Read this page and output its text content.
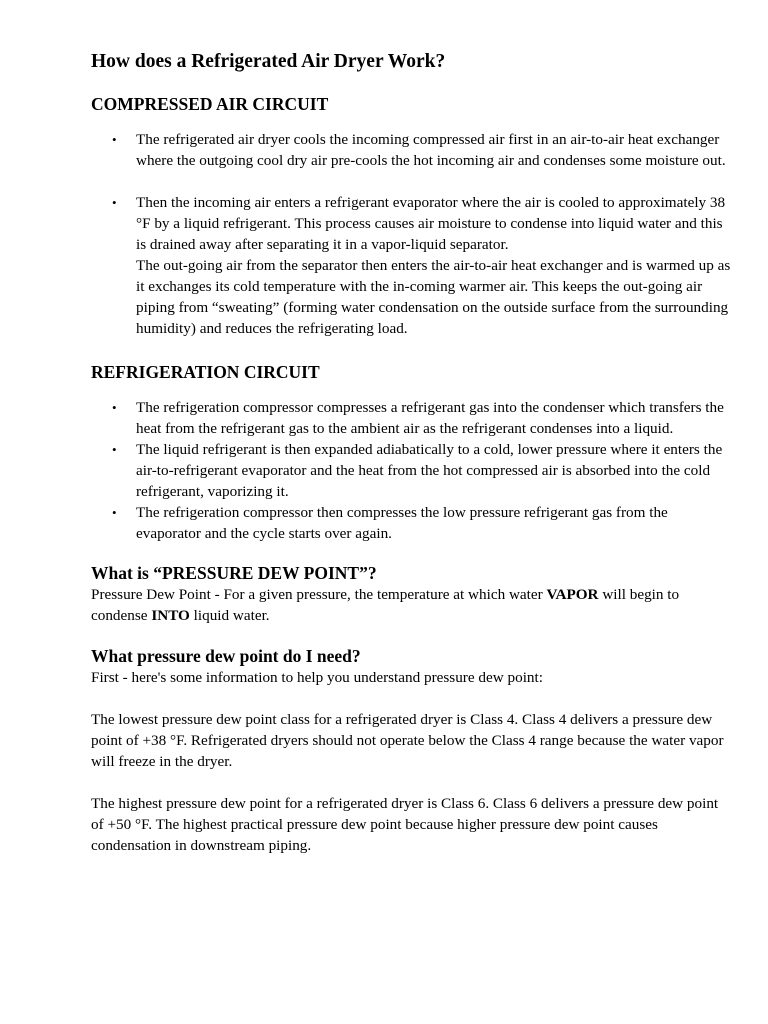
How does a Refrigerated Air Dryer Work?
COMPRESSED AIR CIRCUIT
• The refrigerated air dryer cools the incoming compressed air first in an air-to-air heat exchanger where the outgoing cool dry air pre-cools the hot incoming air and condenses some moisture out.
• Then the incoming air enters a refrigerant evaporator where the air is cooled to approximately 38 °F by a liquid refrigerant. This process causes air moisture to condense into liquid water and this is drained away after separating it in a vapor-liquid separator.

The out-going air from the separator then enters the air-to-air heat exchanger and is warmed up as it exchanges its cold temperature with the in-coming warmer air. This keeps the out-going air piping from “sweating” (forming water condensation on the outside surface from the surrounding humidity) and reduces the refrigerating load.

REFRIGERATION CIRCUIT
• The refrigeration compressor compresses a refrigerant gas into the condenser which transfers the heat from the refrigerant gas to the ambient air as the refrigerant condenses into a liquid.
• The liquid refrigerant is then expanded adiabatically to a cold, lower pressure where it enters the air-to-refrigerant evaporator and the heat from the hot compressed air is absorbed into the cold refrigerant, vaporizing it.
• The refrigeration compressor then compresses the low pressure refrigerant gas from the evaporator and the cycle starts over again.
What is “PRESSURE DEW POINT”?

Pressure Dew Point - For a given pressure, the temperature at which water VAPOR will begin to condense INTO liquid water.

What pressure dew point do I need?

First - here's some information to help you understand pressure dew point:

The lowest pressure dew point class for a refrigerated dryer is Class 4. Class 4 delivers a pressure dew point of +38 °F. Refrigerated dryers should not operate below the Class 4 range because the water vapor will freeze in the dryer.

The highest pressure dew point for a refrigerated dryer is Class 6. Class 6 delivers a pressure dew point of +50 °F. The highest practical pressure dew point because higher pressure dew point causes condensation in downstream piping.
